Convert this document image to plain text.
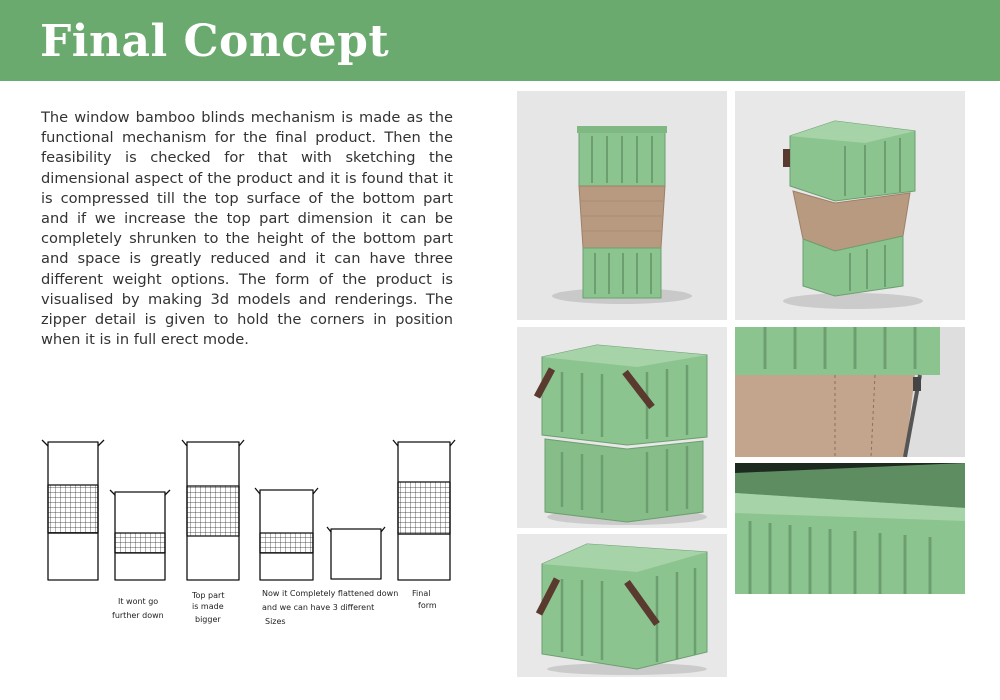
Final Concept

The window bamboo blinds mechanism is made as the functional mechanism for the final product. Then the feasibility is checked for that with sketching the dimensional aspect of the product and it is found that it is compressed till the top surface of the bottom part and if we increase the top part dimension it can be completely shrunken to the height of the bottom part and space is greatly reduced and it can have three different weight options. The form of the product is visualised by making 3d models and renderings. The zipper detail is given to hold the corners in position when it is in full erect mode.

It wont go
further down
Top part
is made
bigger
Now it Completely flattened down
and we can have 3 different
Sizes
Final
form
